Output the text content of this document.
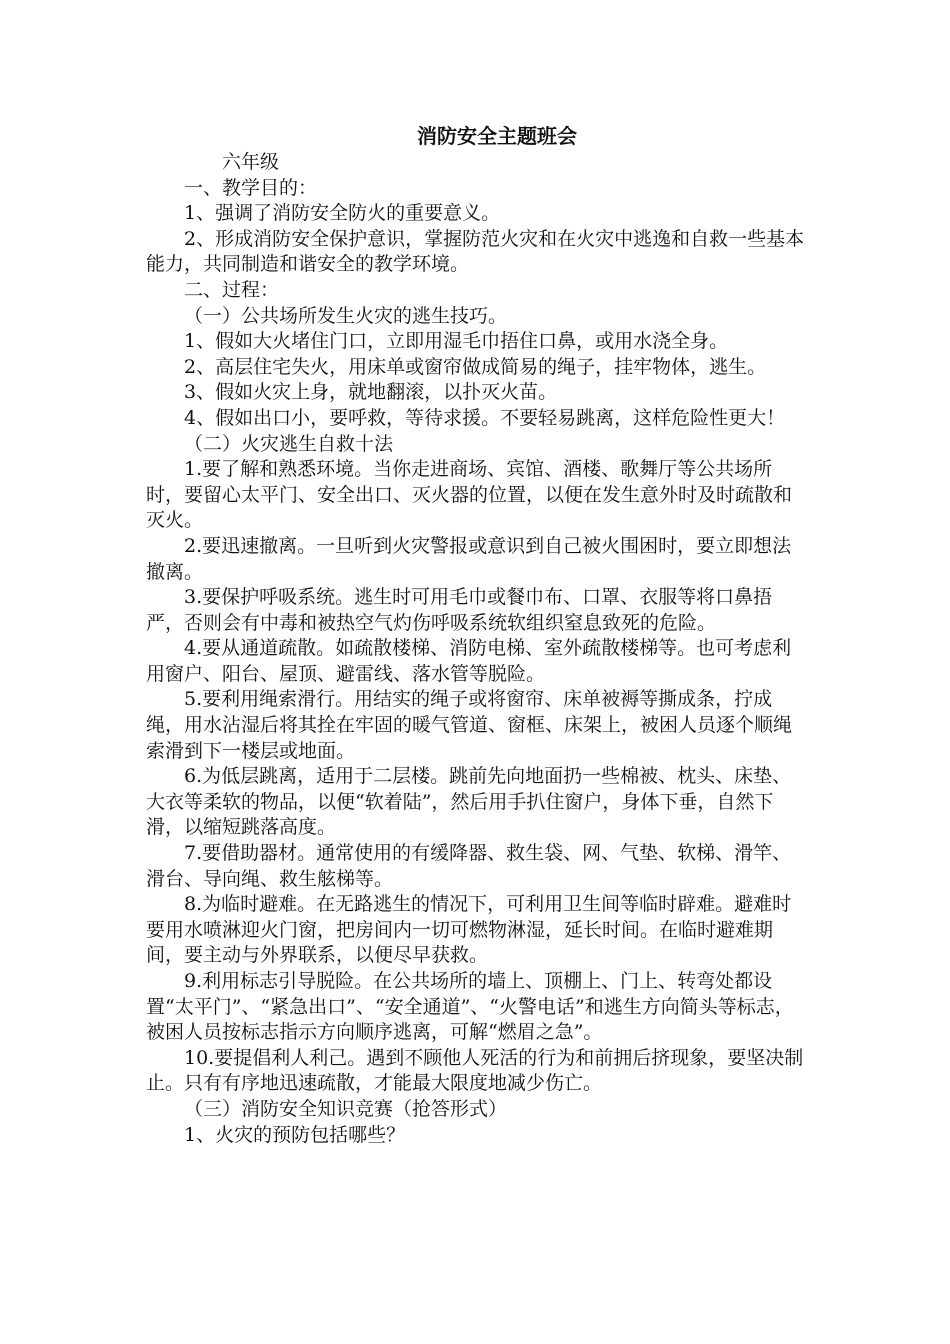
消防安全主题班会

六年级

一、教学目的：

1、强调了消防安全防火的重要意义。

2、形成消防安全保护意识，掌握防范火灾和在火灾中逃逸和自救一些基本能力，共同制造和谐安全的教学环境。

二、过程：

（一）公共场所发生火灾的逃生技巧。

1、假如大火堵住门口，立即用湿毛巾捂住口鼻，或用水浇全身。

2、高层住宅失火，用床单或窗帘做成简易的绳子，挂牢物体，逃生。

3、假如火灾上身，就地翻滚，以扑灭火苗。

4、假如出口小，要呼救，等待求援。不要轻易跳离，这样危险性更大！

（二）火灾逃生自救十法

1.要了解和熟悉环境。当你走进商场、宾馆、酒楼、歌舞厅等公共场所时，要留心太平门、安全出口、灭火器的位置，以便在发生意外时及时疏散和灭火。

2.要迅速撤离。一旦听到火灾警报或意识到自己被火围困时，要立即想法撤离。

3.要保护呼吸系统。逃生时可用毛巾或餐巾布、口罩、衣服等将口鼻捂严，否则会有中毒和被热空气灼伤呼吸系统软组织窒息致死的危险。

4.要从通道疏散。如疏散楼梯、消防电梯、室外疏散楼梯等。也可考虑利用窗户、阳台、屋顶、避雷线、落水管等脱险。

5.要利用绳索滑行。用结实的绳子或将窗帘、床单被褥等撕成条，拧成绳，用水沾湿后将其拴在牢固的暖气管道、窗框、床架上，被困人员逐个顺绳索滑到下一楼层或地面。

6.为低层跳离，适用于二层楼。跳前先向地面扔一些棉被、枕头、床垫、大衣等柔软的物品，以便“软着陆”，然后用手扒住窗户，身体下垂，自然下滑，以缩短跳落高度。

7.要借助器材。通常使用的有缓降器、救生袋、网、气垫、软梯、滑竿、滑台、导向绳、救生舷梯等。

8.为临时避难。在无路逃生的情况下，可利用卫生间等临时辟难。避难时要用水喷淋迎火门窗，把房间内一切可燃物淋湿，延长时间。在临时避难期间，要主动与外界联系，以便尽早获救。

9.利用标志引导脱险。在公共场所的墙上、顶棚上、门上、转弯处都设置“太平门”、“紧急出口”、“安全通道”、“火警电话”和逃生方向简头等标志，被困人员按标志指示方向顺序逃离，可解“燃眉之急”。

10.要提倡利人利己。遇到不顾他人死活的行为和前拥后挤现象，要坚决制止。只有有序地迅速疏散，才能最大限度地减少伤亡。

（三）消防安全知识竞赛（抢答形式）

1、火灾的预防包括哪些？
